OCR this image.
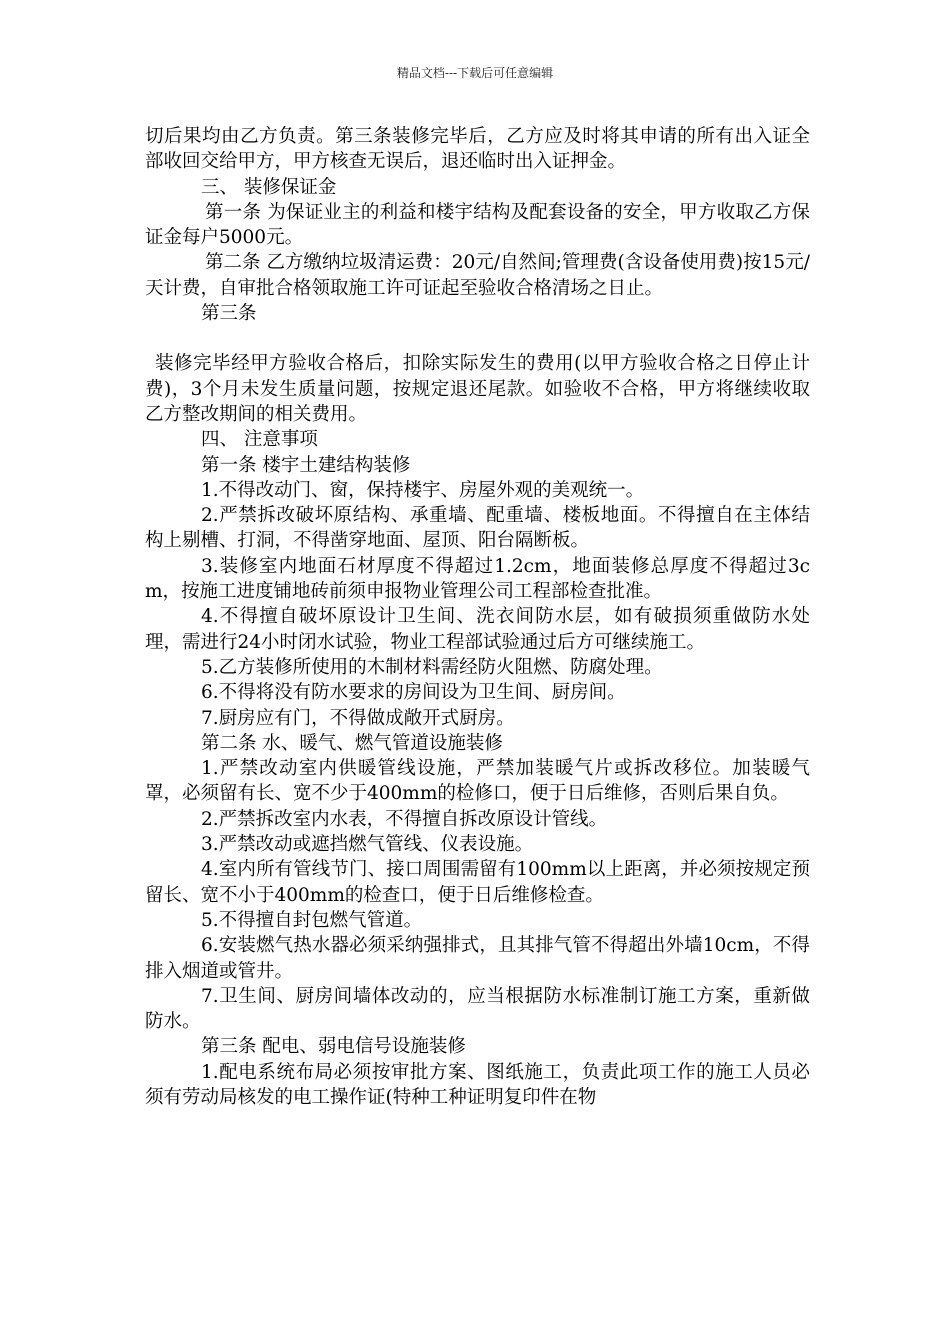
精品文档---下载后可任意编辑

切后果均由乙方负责。第三条装修完毕后，乙方应及时将其申请的所有出入证全部收回交给甲方，甲方核查无误后，退还临时出入证押金。

三、 装修保证金

第一条 为保证业主的利益和楼宇结构及配套设备的安全，甲方收取乙方保证金每户5000元。

第二条 乙方缴纳垃圾清运费：20元/自然间;管理费(含设备使用费)按15元/天计费，自审批合格领取施工许可证起至验收合格清场之日止。

第三条

装修完毕经甲方验收合格后，扣除实际发生的费用(以甲方验收合格之日停止计费)，3个月未发生质量问题，按规定退还尾款。如验收不合格，甲方将继续收取乙方整改期间的相关费用。

四、 注意事项

第一条 楼宇土建结构装修

1.不得改动门、窗，保持楼宇、房屋外观的美观统一。

2.严禁拆改破坏原结构、承重墙、配重墙、楼板地面。不得擅自在主体结构上剔槽、打洞，不得凿穿地面、屋顶、阳台隔断板。

3.装修室内地面石材厚度不得超过1.2cm，地面装修总厚度不得超过3cm，按施工进度铺地砖前须申报物业管理公司工程部检查批准。

4.不得擅自破坏原设计卫生间、洗衣间防水层，如有破损须重做防水处理，需进行24小时闭水试验，物业工程部试验通过后方可继续施工。

5.乙方装修所使用的木制材料需经防火阻燃、防腐处理。

6.不得将没有防水要求的房间设为卫生间、厨房间。

7.厨房应有门，不得做成敞开式厨房。

第二条 水、暖气、燃气管道设施装修

1.严禁改动室内供暖管线设施，严禁加装暖气片或拆改移位。加装暖气罩，必须留有长、宽不少于400mm的检修口，便于日后维修，否则后果自负。

2.严禁拆改室内水表，不得擅自拆改原设计管线。

3.严禁改动或遮挡燃气管线、仪表设施。

4.室内所有管线节门、接口周围需留有100mm以上距离，并必须按规定预留长、宽不小于400mm的检查口，便于日后维修检查。

5.不得擅自封包燃气管道。

6.安装燃气热水器必须采纳强排式，且其排气管不得超出外墙10cm，不得排入烟道或管井。

7.卫生间、厨房间墙体改动的，应当根据防水标准制订施工方案，重新做防水。

第三条 配电、弱电信号设施装修

1.配电系统布局必须按审批方案、图纸施工，负责此项工作的施工人员必须有劳动局核发的电工操作证(特种工种证明复印件在物
